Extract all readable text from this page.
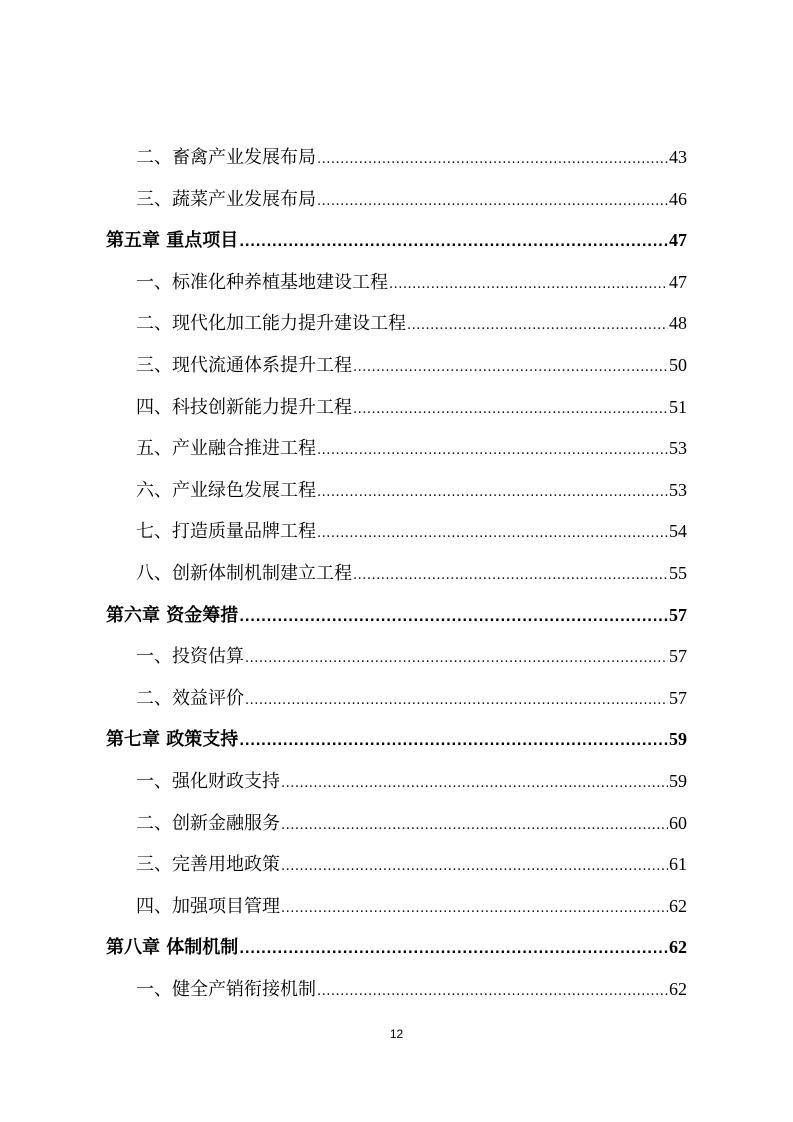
二、畜禽产业发展布局 .....	43
三、蔬菜产业发展布局 .....	46
第五章 重点项目 .....	47
一、标准化种养植基地建设工程 .....	47
二、现代化加工能力提升建设工程 .....	48
三、现代流通体系提升工程 .....	50
四、科技创新能力提升工程 .....	51
五、产业融合推进工程 .....	53
六、产业绿色发展工程 .....	53
七、打造质量品牌工程 .....	54
八、创新体制机制建立工程 .....	55
第六章 资金筹措 .....	57
一、投资估算 .....	57
二、效益评价 .....	57
第七章 政策支持 .....	59
一、强化财政支持 .....	59
二、创新金融服务 .....	60
三、完善用地政策 .....	61
四、加强项目管理 .....	62
第八章 体制机制 .....	62
一、健全产销衔接机制 .....	62
12
